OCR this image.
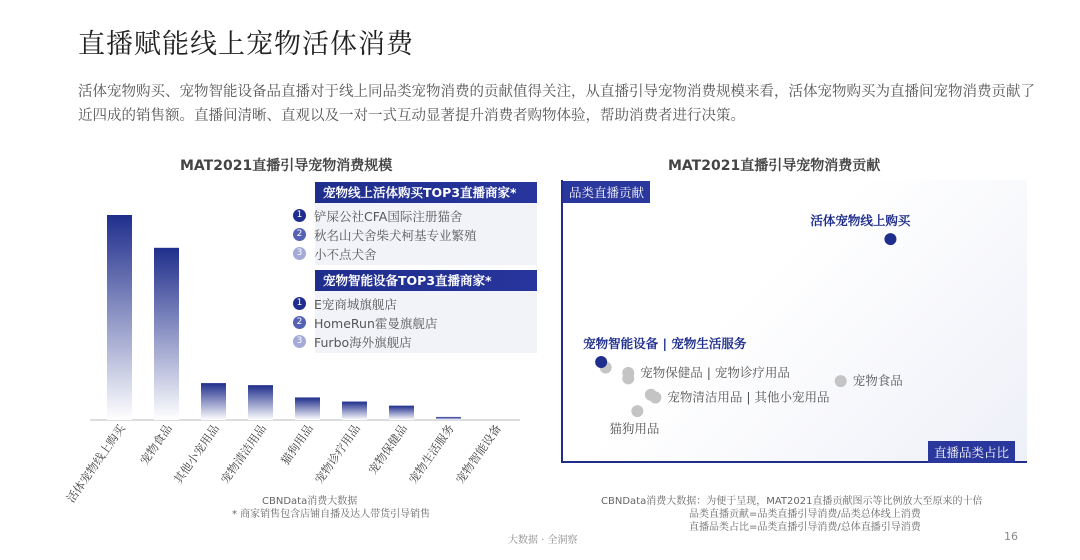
直播赋能线上宠物活体消费
活体宠物购买、宠物智能设备品直播对于线上同品类宠物消费的贡献值得关注，从直播引导宠物消费规模来看，活体宠物购买为直播间宠物消费贡献了近四成的销售额。直播间清晰、直观以及一对一式互动显著提升消费者购物体验，帮助消费者进行决策。
MAT2021直播引导宠物消费规模
活体宠物线上购买 宠物食品
其他小宠用品
宠物清洁用品 猫狗用品
宠物诊疗用品 宠物保健品
宠物生活服务
宠物智能设备
宠物线上活体购买TOP3直播商家*
1 铲屎公社CFA国际注册猫舍
2 秋名山犬舍柴犬柯基专业繁殖
3 小不点犬舍
宠物智能设备TOP3直播商家*
1 E宠商城旗舰店
2 HomeRun霍曼旗舰店
3 Furbo海外旗舰店
CBNData消费大数据
* 商家销售包含店铺自播及达人带货引导销售
MAT2021直播引导宠物消费贡献
活体宠物线上购买
宠物智能设备 | 宠物生活服务
宠物保健品 | 宠物诊疗用品
宠物食品
宠物清洁用品 | 其他小宠用品
猫狗用品
品类直播贡献
直播品类占比
CBNData消费大数据：为便于呈现，MAT2021直播贡献图示等比例放大至原来的十倍
品类直播贡献=品类直播引导消费/品类总体线上消费
直播品类占比=品类直播引导消费/总体直播引导消费
大数据 · 全洞察	16
